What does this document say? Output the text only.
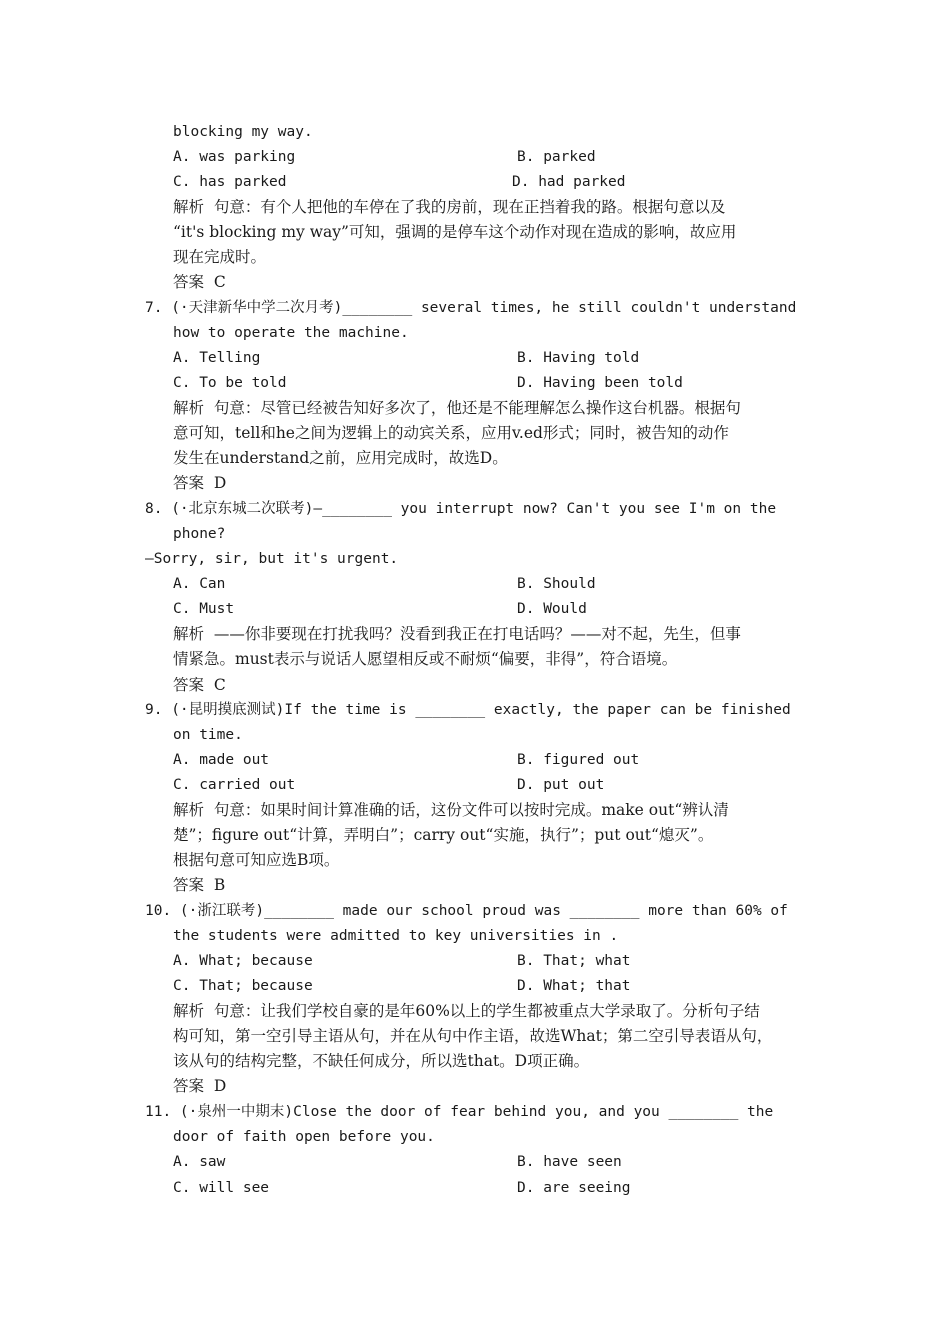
blocking my way.
A. was parking	B. parked
C. has parked	D. had parked
解析  句意：有个人把他的车停在了我的房前，现在正挡着我的路。根据句意以及
“it's blocking my way”可知，强调的是停车这个动作对现在造成的影响，故应用
现在完成时。
答案  C
7. (·天津新华中学二次月考)________ several times, he still couldn't understand
how to operate the machine.
A. Telling	B. Having told
C. To be told	D. Having been told
解析  句意：尽管已经被告知好多次了，他还是不能理解怎么操作这台机器。根据句
意可知，tell和he之间为逻辑上的动宾关系，应用v.ed形式；同时，被告知的动作
发生在understand之前，应用完成时，故选D。
答案  D
8. (·北京东城二次联考)—________ you interrupt now? Can't you see I'm on the
phone?
—Sorry, sir, but it's urgent.
A. Can	B. Should
C. Must	D. Would
解析  ——你非要现在打扰我吗？没看到我正在打电话吗？——对不起，先生，但事
情紧急。must表示与说话人愿望相反或不耐烦“偏要，非得”，符合语境。
答案  C
9. (·昆明摸底测试)If the time is ________ exactly, the paper can be finished
on time.
A. made out	B. figured out
C. carried out	D. put out
解析  句意：如果时间计算准确的话，这份文件可以按时完成。make out“辨认清
楚”；figure out“计算，弄明白”；carry out“实施，执行”；put out“熄灭”。
根据句意可知应选B项。
答案  B
10. (·浙江联考)________ made our school proud was ________ more than 60% of
the students were admitted to key universities in .
A. What; because	B. That; what
C. That; because	D. What; that
解析  句意：让我们学校自豪的是年60%以上的学生都被重点大学录取了。分析句子结
构可知，第一空引导主语从句，并在从句中作主语，故选What；第二空引导表语从句，
该从句的结构完整，不缺任何成分，所以选that。D项正确。
答案  D
11. (·泉州一中期末)Close the door of fear behind you, and you ________ the
door of faith open before you.
A. saw	B. have seen
C. will see	D. are seeing
